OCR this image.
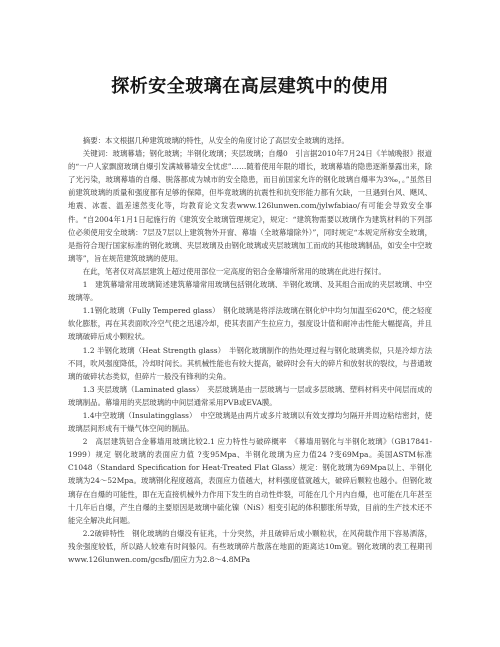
探析安全玻璃在高层建筑中的使用

摘要：本文根据几种建筑玻璃的特性，从安全的角度讨论了高层安全玻璃的选择。

关键词：玻璃幕墙；钢化玻璃；半钢化玻璃；夹层玻璃；自爆0　引言据2010年7月24日《羊城晚报》报道的“一户人家飘窗玻璃自爆引发满城幕墙安全忧虑”……随着使用年限的增长，玻璃幕墙的隐患逐渐暴露出来，除了光污染，玻璃幕墙的自爆、脱落都成为城市的安全隐患，而目前国家允许的钢化玻璃自爆率为3‰，。”虽然目前建筑玻璃的质量和强度都有足够的保障，但毕竟玻璃的抗震性和抗变形能力都有欠缺，一旦遇到台风、飓风、地震、冰雹、温差速然变化等，均教育论文发表www.126lunwen.com/jylwfabiao/有可能会导致安全事件。“自2004年1月1日起施行的《建筑安全玻璃管理规定》，规定：“建筑物需要以玻璃作为建筑材料的下列部位必须使用安全玻璃：7层及7层以上建筑物外开窗、幕墙（全玻幕墙除外）”，同时规定“本规定所称安全玻璃，是指符合现行国家标准的钢化玻璃、夹层玻璃及由钢化玻璃或夹层玻璃加工而成的其他玻璃制品，如安全中空玻璃等”，旨在规范建筑玻璃的使用。

在此，笔者仅对高层建筑上超过使用部位一定高度的铝合金幕墙所常用的玻璃在此进行探讨。

1　建筑幕墙常用玻璃简述建筑幕墙常用玻璃包括钢化玻璃、半钢化玻璃、及其组合而成的夹层玻璃、中空玻璃等。

1.1钢化玻璃（Fully Tempered glass）　钢化玻璃是将浮法玻璃在钢化炉中均匀加温至620℃，使之轻度软化膨胀，再在其表面吹冷空气使之迅速冷却，使其表面产生拉应力，强度设计值和耐冲击性能大幅提高，并且玻璃破碎后成小颗粒状。

1.2 半钢化玻璃（Heat Strength glass）　半钢化玻璃制作的热处理过程与钢化玻璃类似，只是冷却方法不同，吹风强度降低，冷却时间长。其机械性能也有较大提高，破碎时会有大的碎片和放射状的裂纹，与普通玻璃的破碎状态类似，但碎片一般没有锋利的尖角。

1.3 夹层玻璃（Laminated glass）　夹层玻璃是由一层玻璃与一层或多层玻璃、塑料材料夹中间层而成的玻璃制品。幕墙用的夹层玻璃的中间层通常采用PVB或EVA膜。

1.4中空玻璃（Insulatingglass）　中空玻璃是由两片或多片玻璃以有效支撑均匀隔开并周边粘结密封，使玻璃层间形成有干燥气体空间的制品。

2　高层建筑铝合金幕墙用玻璃比较2.1 应力特性与破碎概率　《幕墙用钢化与半钢化玻璃》（GB17841-1999）规定 钢化玻璃的表面应力值 ?变95Mpa、半钢化玻璃为应力值24 ?变69Mpa。美国ASTM标准C1048（Standard Specification for Heat-Treated Flat Glass）规定：钢化玻璃为69Mpa以上、半钢化玻璃为24～52Mpa。玻璃钢化程度越高，表面应力值越大，材料强度值就越大，破碎后颗粒也越小。但钢化玻璃存在自爆的可能性，即在无直接机械外力作用下发生的自动性炸裂，可能在几个月内自爆，也可能在几年甚至十几年后自爆，产生自爆的主要原因是玻璃中硫化镍（NiS）相变引起的体积膨胀所导致，目前的生产技术还不能完全解决此问题。

2.2破碎特性　钢化玻璃的自爆没有征兆，十分突然，并且破碎后成小颗粒状，在风荷载作用下容易洒落，残余强度较低，所以路人较难有时间躲闪。有些玻璃碎片散落在地面的距离达10m宽。钢化玻璃的表工程期刊www.126lunwen.com/gcsfb/面应力为2.8～4.8MPa
